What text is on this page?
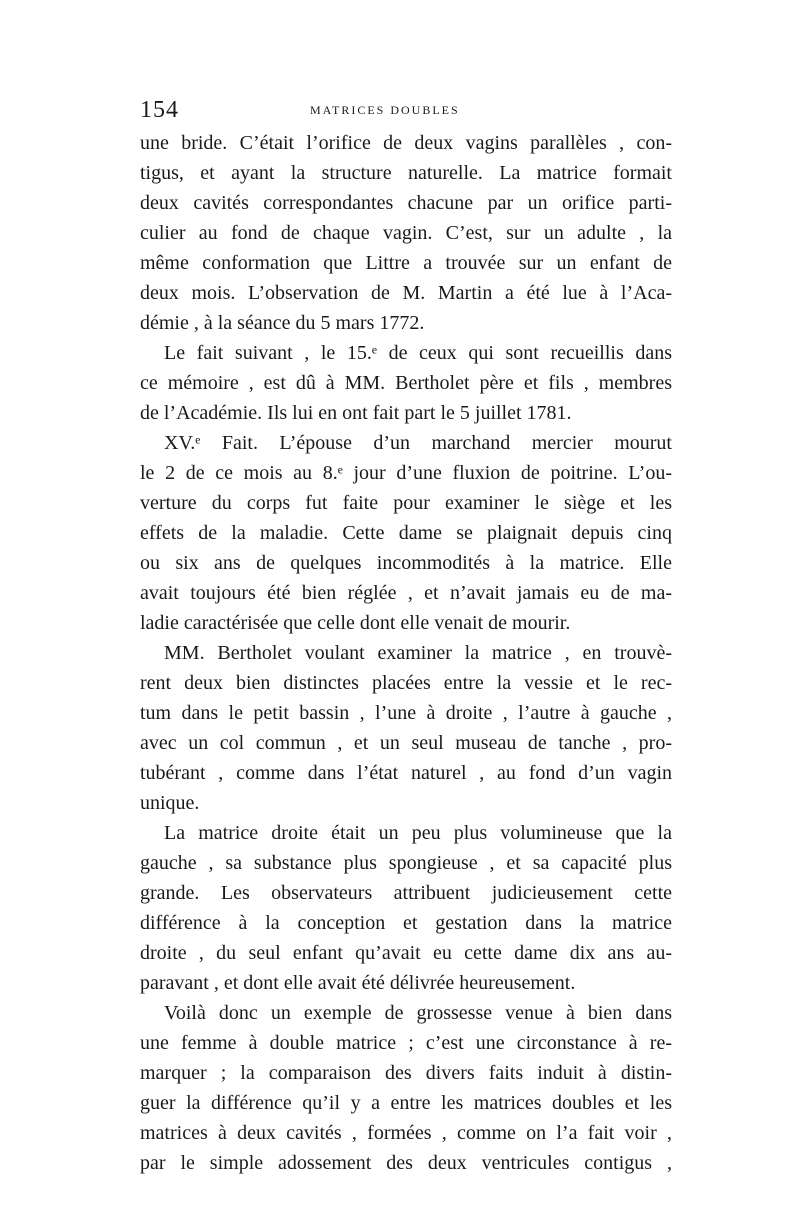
154	MATRICES DOUBLES
une bride. C’était l’orifice de deux vagins parallèles , con-
tigus, et ayant la structure naturelle. La matrice formait
deux cavités correspondantes chacune par un orifice parti-
culier au fond de chaque vagin. C’est, sur un adulte , la
même conformation que Littre a trouvée sur un enfant de
deux mois. L’observation de M. Martin a été lue à l’Aca-
démie , à la séance du 5 mars 1772.
Le fait suivant , le 15.ᵉ de ceux qui sont recueillis dans
ce mémoire , est dû à MM. Bertholet père et fils , membres
de l’Académie. Ils lui en ont fait part le 5 juillet 1781.
XV.ᵉ Fait. L’épouse d’un marchand mercier mourut
le 2 de ce mois au 8.ᵉ jour d’une fluxion de poitrine. L’ou-
verture du corps fut faite pour examiner le siège et les
effets de la maladie. Cette dame se plaignait depuis cinq
ou six ans de quelques incommodités à la matrice. Elle
avait toujours été bien réglée , et n’avait jamais eu de ma-
ladie caractérisée que celle dont elle venait de mourir.
MM. Bertholet voulant examiner la matrice , en trouvè-
rent deux bien distinctes placées entre la vessie et le rec-
tum dans le petit bassin , l’une à droite , l’autre à gauche ,
avec un col commun , et un seul museau de tanche , pro-
tubérant , comme dans l’état naturel , au fond d’un vagin
unique.
La matrice droite était un peu plus volumineuse que la
gauche , sa substance plus spongieuse , et sa capacité plus
grande. Les observateurs attribuent judicieusement cette
différence à la conception et gestation dans la matrice
droite , du seul enfant qu’avait eu cette dame dix ans au-
paravant , et dont elle avait été délivrée heureusement.
Voilà donc un exemple de grossesse venue à bien dans
une femme à double matrice ; c’est une circonstance à re-
marquer ; la comparaison des divers faits induit à distin-
guer la différence qu’il y a entre les matrices doubles et les
matrices à deux cavités , formées , comme on l’a fait voir ,
par le simple adossement des deux ventricules contigus ,
